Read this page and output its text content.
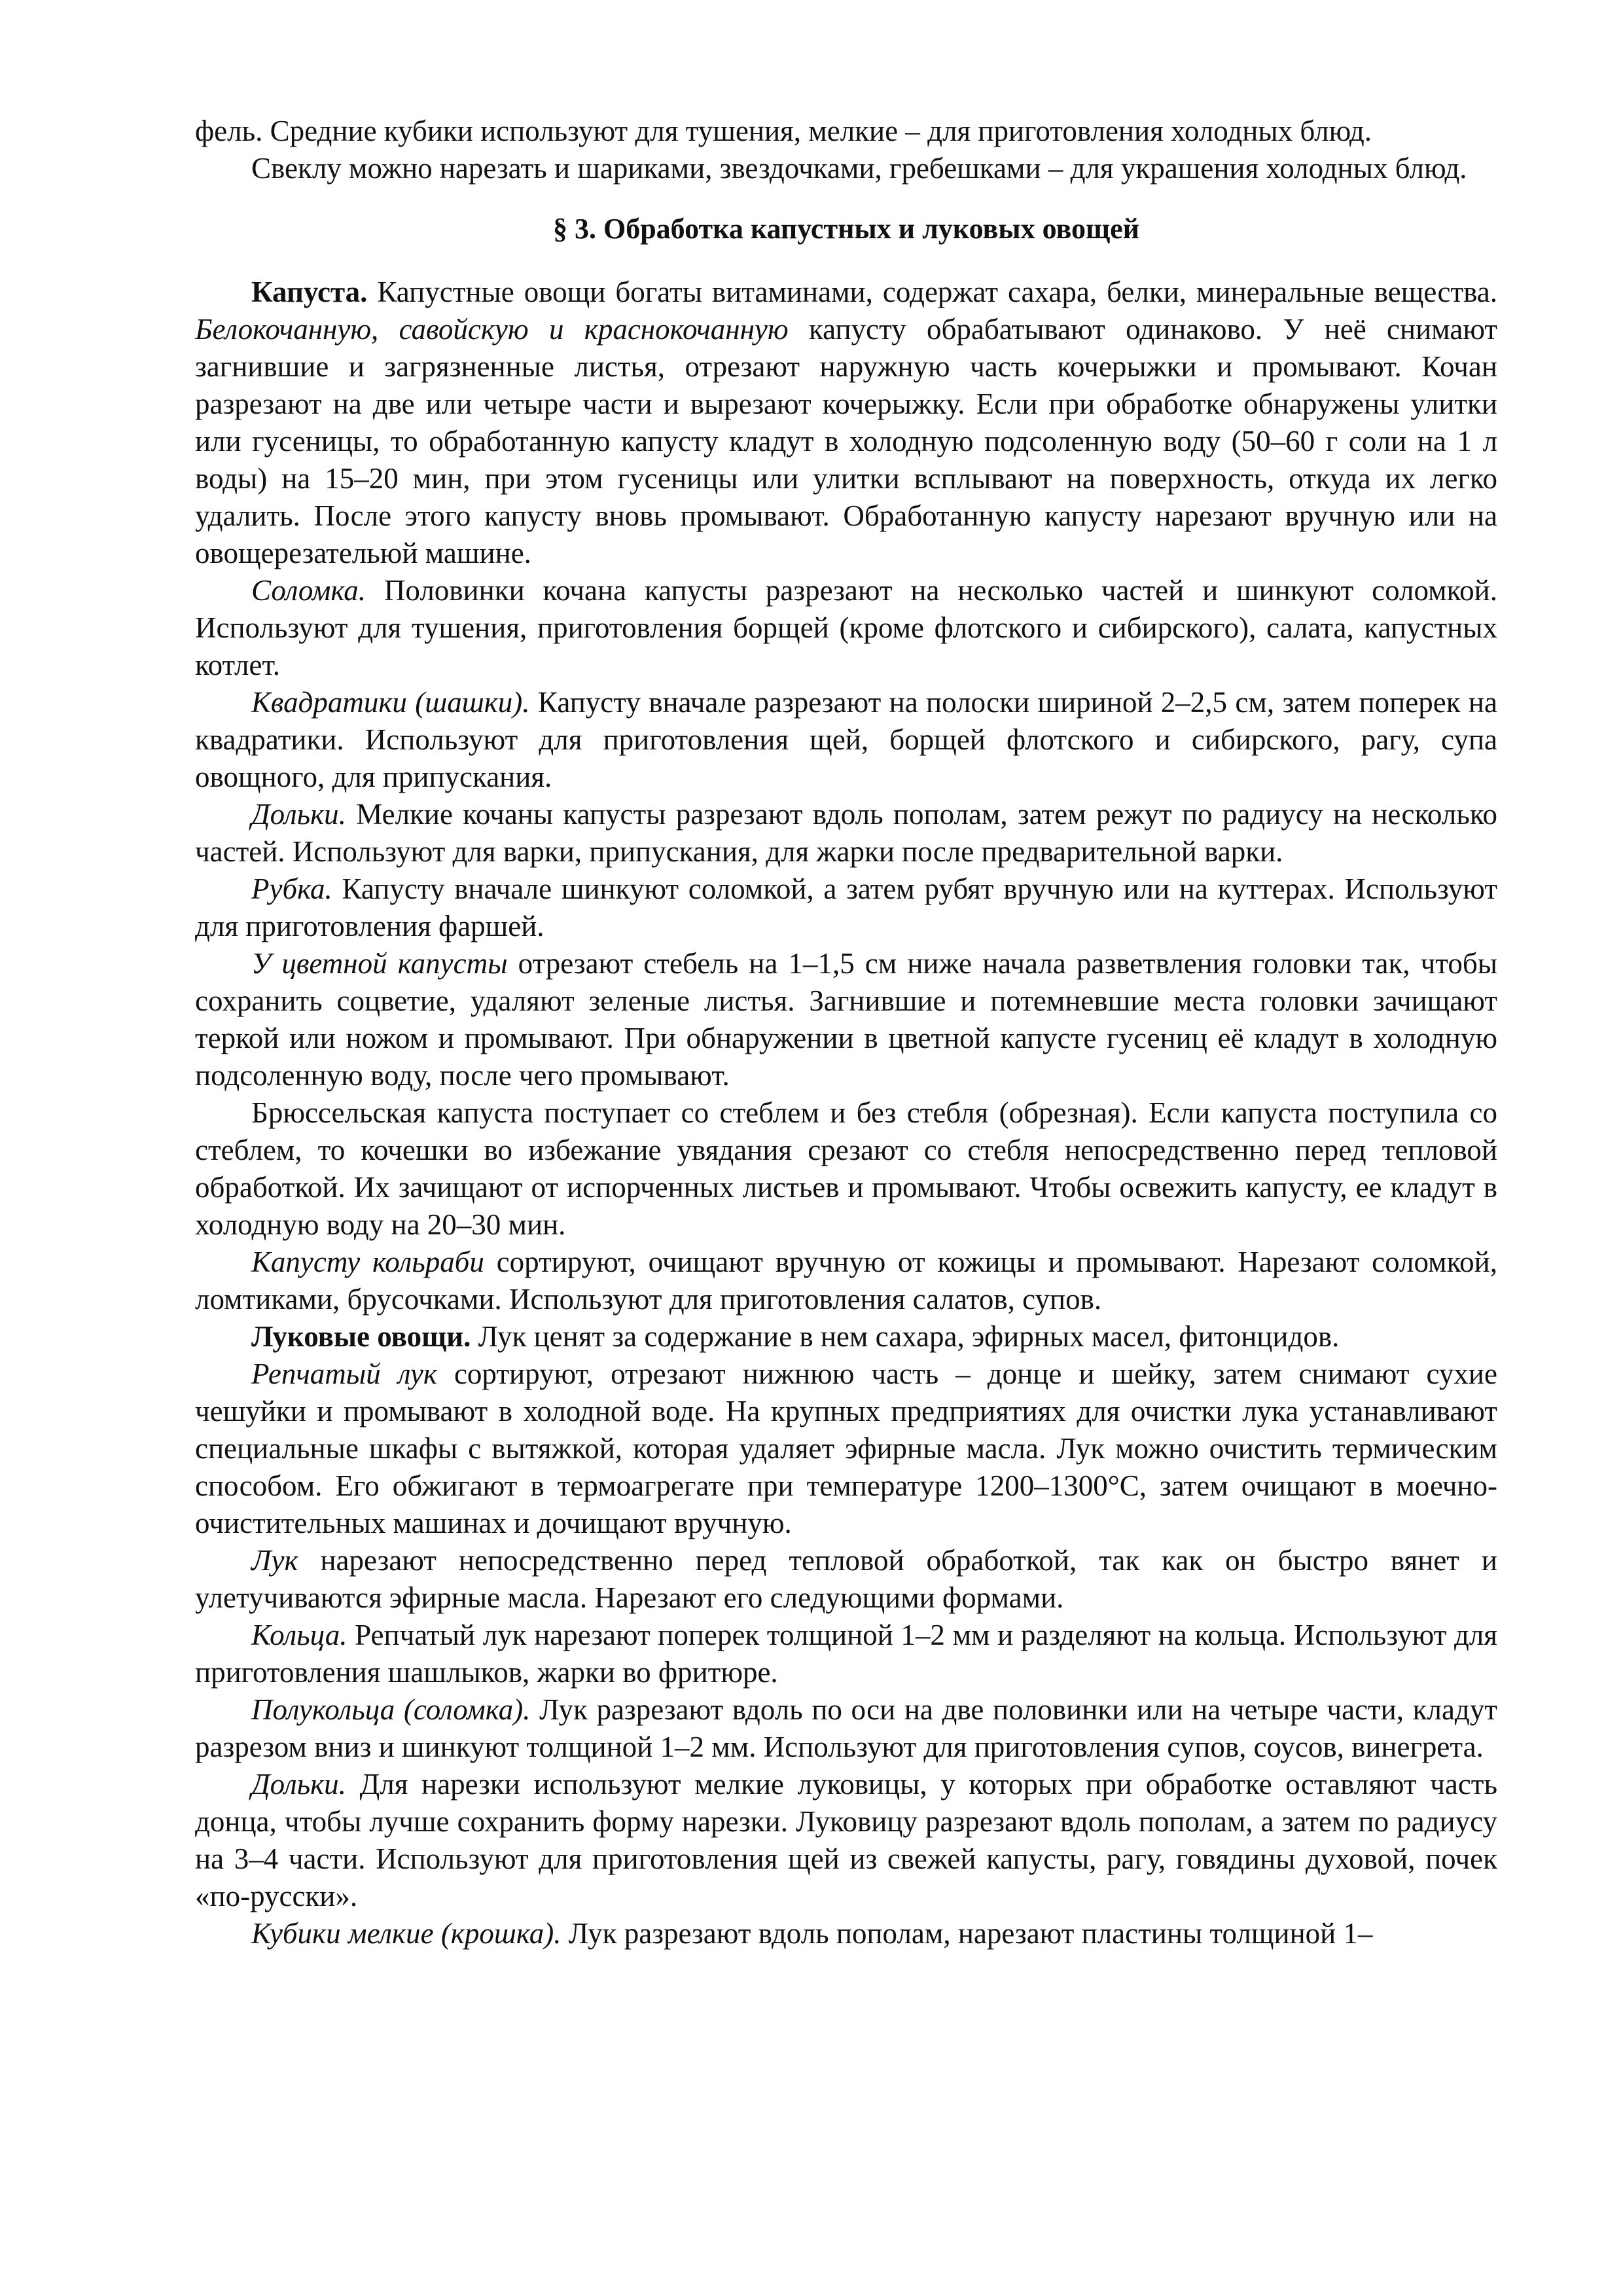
фель. Средние кубики используют для тушения, мелкие – для приготовления холодных блюд.

Свеклу можно нарезать и шариками, звездочками, гребешками – для украшения холодных блюд.

§ 3. Обработка капустных и луковых овощей

Капуста. Капустные овощи богаты витаминами, содержат сахара, белки, минеральные вещества. Белокочанную, савойскую и краснокочанную капусту обрабатывают одинаково. У неё снимают загнившие и загрязненные листья, отрезают наружную часть кочерыжки и промывают. Кочан разрезают на две или четыре части и вырезают кочерыжку. Если при обработке обнаружены улитки или гусеницы, то обработанную капусту кладут в холодную подсоленную воду (50–60 г соли на 1 л воды) на 15–20 мин, при этом гусеницы или улитки всплывают на поверхность, откуда их легко удалить. После этого капусту вновь промывают. Обработанную капусту нарезают вручную или на овощерезательюй машине.

Соломка. Половинки кочана капусты разрезают на несколько частей и шинкуют соломкой. Используют для тушения, приготовления борщей (кроме флотского и сибирского), салата, капустных котлет.

Квадратики (шашки). Капусту вначале разрезают на полоски шириной 2–2,5 см, затем поперек на квадратики. Используют для приготовления щей, борщей флотского и сибирского, рагу, супа овощного, для припускания.

Дольки. Мелкие кочаны капусты разрезают вдоль пополам, затем режут по радиусу на несколько частей. Используют для варки, припускания, для жарки после предварительной варки.

Рубка. Капусту вначале шинкуют соломкой, а затем рубят вручную или на куттерах. Используют для приготовления фаршей.

У цветной капусты отрезают стебель на 1–1,5 см ниже начала разветвления головки так, чтобы сохранить соцветие, удаляют зеленые листья. Загнившие и потемневшие места головки зачищают теркой или ножом и промывают. При обнаружении в цветной капусте гусениц её кладут в холодную подсоленную воду, после чего промывают.

Брюссельская капуста поступает со стеблем и без стебля (обрезная). Если капуста поступила со стеблем, то кочешки во избежание увядания срезают со стебля непосредственно перед тепловой обработкой. Их зачищают от испорченных листьев и промывают. Чтобы освежить капусту, ее кладут в холодную воду на 20–30 мин.

Капусту кольраби сортируют, очищают вручную от кожицы и промывают. Нарезают соломкой, ломтиками, брусочками. Используют для приготовления салатов, супов.

Луковые овощи. Лук ценят за содержание в нем сахара, эфирных масел, фитонцидов.

Репчатый лук сортируют, отрезают нижнюю часть – донце и шейку, затем снимают сухие чешуйки и промывают в холодной воде. На крупных предприятиях для очистки лука устанавливают специальные шкафы с вытяжкой, которая удаляет эфирные масла. Лук можно очистить термическим способом. Его обжигают в термоагрегате при температуре 1200–1300°С, затем очищают в моечно-очистительных машинах и дочищают вручную.

Лук нарезают непосредственно перед тепловой обработкой, так как он быстро вянет и улетучиваются эфирные масла. Нарезают его следующими формами.

Кольца. Репчатый лук нарезают поперек толщиной 1–2 мм и разделяют на кольца. Используют для приготовления шашлыков, жарки во фритюре.

Полукольца (соломка). Лук разрезают вдоль по оси на две половинки или на четыре части, кладут разрезом вниз и шинкуют толщиной 1–2 мм. Используют для приготовления супов, соусов, винегрета.

Дольки. Для нарезки используют мелкие луковицы, у которых при обработке оставляют часть донца, чтобы лучше сохранить форму нарезки. Луковицу разрезают вдоль пополам, а затем по радиусу на 3–4 части. Используют для приготовления щей из свежей капусты, рагу, говядины духовой, почек «по-русски».

Кубики мелкие (крошка). Лук разрезают вдоль пополам, нарезают пластины толщиной 1–
